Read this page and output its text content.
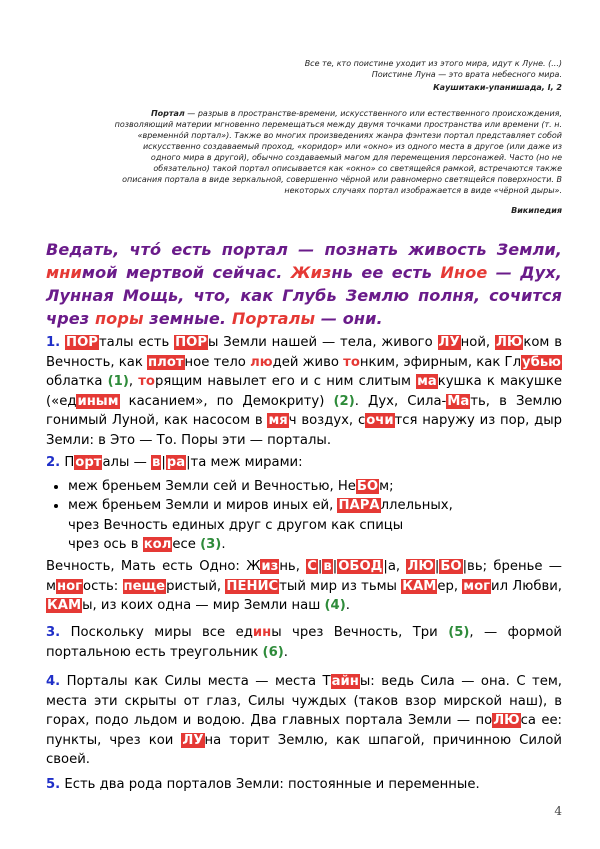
Все те, кто поистине уходит из этого мира, идут к Луне. (...)
Поистине Луна — это врата небесного мира.
Каушитаки-упанишада, I, 2
Портал — разрыв в пространстве-времени, искусственного или естественного происхождения, позволяющий материи мгновенно перемещаться между двумя точками пространства или времени (т. н. «временно́й портал»). Также во многих произведениях жанра фэнтези портал представляет собой искусственно создаваемый проход, «коридор» или «окно» из одного места в другое (или даже из одного мира в другой), обычно создаваемый магом для перемещения персонажей. Часто (но не обязательно) такой портал описывается как «окно» со светящейся рамкой, встречаются также описания портала в виде зеркальной, совершенно чёрной или равномерно светящейся поверхности. В некоторых случаях портал изображается в виде «чёрной дыры».
Википедия
Ведать, что́ есть портал — познать живость Земли, мнимой мертвой сейчас. Жизнь ее есть Иное — Дух, Лунная Мощь, что, как Глубь Землю полня, сочится чрез поры земные. Порталы — они.
1. ПОРталы есть ПОРы Земли нашей — тела, живого ЛУной, ЛЮком в Вечность, как плотное тело людей живо тонким, эфирным, как Глубью облатка (1), торящим навылет его и с ним слитым макушка к макушке («единым касанием», по Демокриту) (2). Дух, Сила-Мать, в Землю гонимый Луной, как насосом в мяч воздух, сочится наружу из пор, дыр Земли: в Это — То. Поры эти — порталы.
2. Порталы — в|ра|та меж мирами:
• меж бреньем Земли сей и Вечностью, НеБОм;
• меж бреньем Земли и миров иных ей, ПАРАллельных,
чрез Вечность единых друг с другом как спицы
чрез ось в колесе (3).
Вечность, Мать есть Одно: Жизнь, С|в|ОБОД|а, ЛЮ|БО|вь; бренье — многость: пещеристый, ПЕНИСтый мир из тьмы КАМер, могил Любви, КАМы, из коих одна — мир Земли наш (4).
3. Поскольку миры все едины чрез Вечность, Три (5), — формой портальною есть треугольник (6).
4. Порталы как Силы места — места Тайны: ведь Сила — она. С тем, места эти скрыты от глаз, Силы чуждых (таков взор мирской наш), в горах, подо льдом и водою. Два главных портала Земли — поЛЮса ее: пункты, чрез кои ЛУна торит Землю, как шпагой, причинною Силой своей.
5. Есть два рода порталов Земли: постоянные и переменные.
4
